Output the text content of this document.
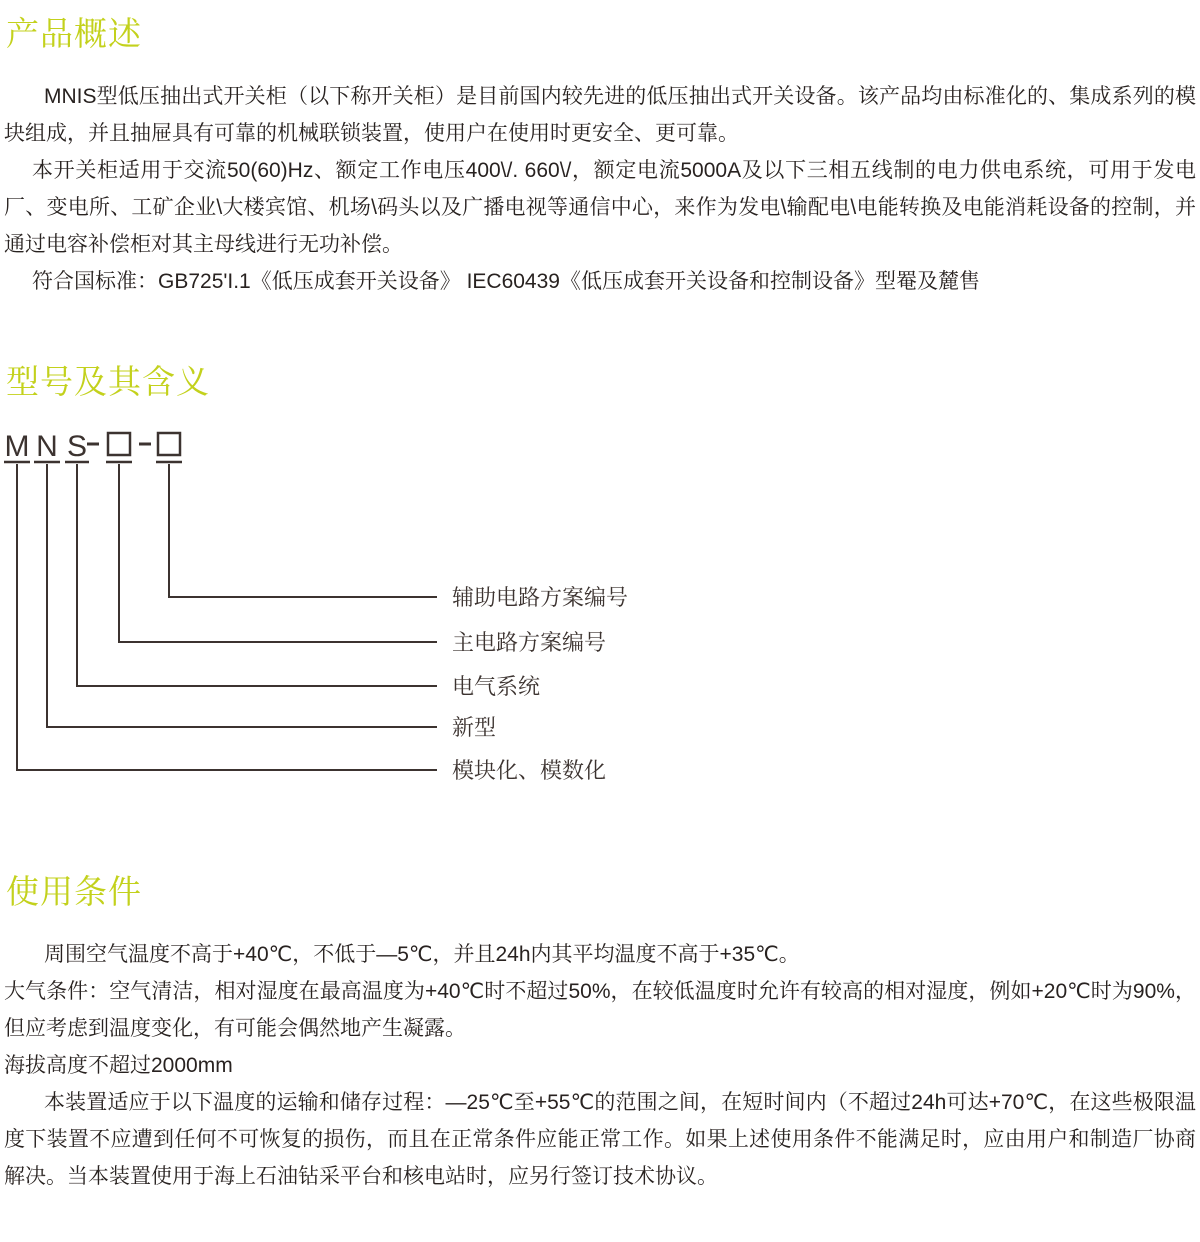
产品概述

MNIS型低压抽出式开关柜（以下称开关柜）是目前国内较先进的低压抽出式开关设备。该产品均由标准化的、集成系列的模块组成，并且抽屉具有可靠的机械联锁装置，使用户在使用时更安全、更可靠。

本开关柜适用于交流50(60)Hz、额定工作电压400\/. 660\/，额定电流5000A及以下三相五线制的电力供电系统，可用于发电厂、变电所、工矿企业\大楼宾馆、机场\码头以及广播电视等通信中心，来作为发电\输配电\电能转换及电能消耗设备的控制，并通过电容补偿柜对其主母线进行无功补偿。

符合国标准：GB725'I.1《低压成套开关设备》 IEC60439《低压成套开关设备和控制设备》型罨及麓售

型号及其含义
M N S
辅助电路方案编号
主电路方案编号
电气系统
新型
模块化、模数化
使用条件

周围空气温度不高于+40℃，不低于—5℃，并且24h内其平均温度不高于+35℃。

大气条件：空气清洁，相对湿度在最高温度为+40℃时不超过50%，在较低温度时允许有较高的相对湿度，例如+20℃时为90%，但应考虑到温度变化，有可能会偶然地产生凝露。

海拔高度不超过2000mm

本装置适应于以下温度的运输和储存过程：—25℃至+55℃的范围之间，在短时间内（不超过24h可达+70℃，在这些极限温度下装置不应遭到任何不可恢复的损伤，而且在正常条件应能正常工作。如果上述使用条件不能满足时，应由用户和制造厂协商解决。当本装置使用于海上石油钻采平台和核电站时，应另行签订技术协议。
